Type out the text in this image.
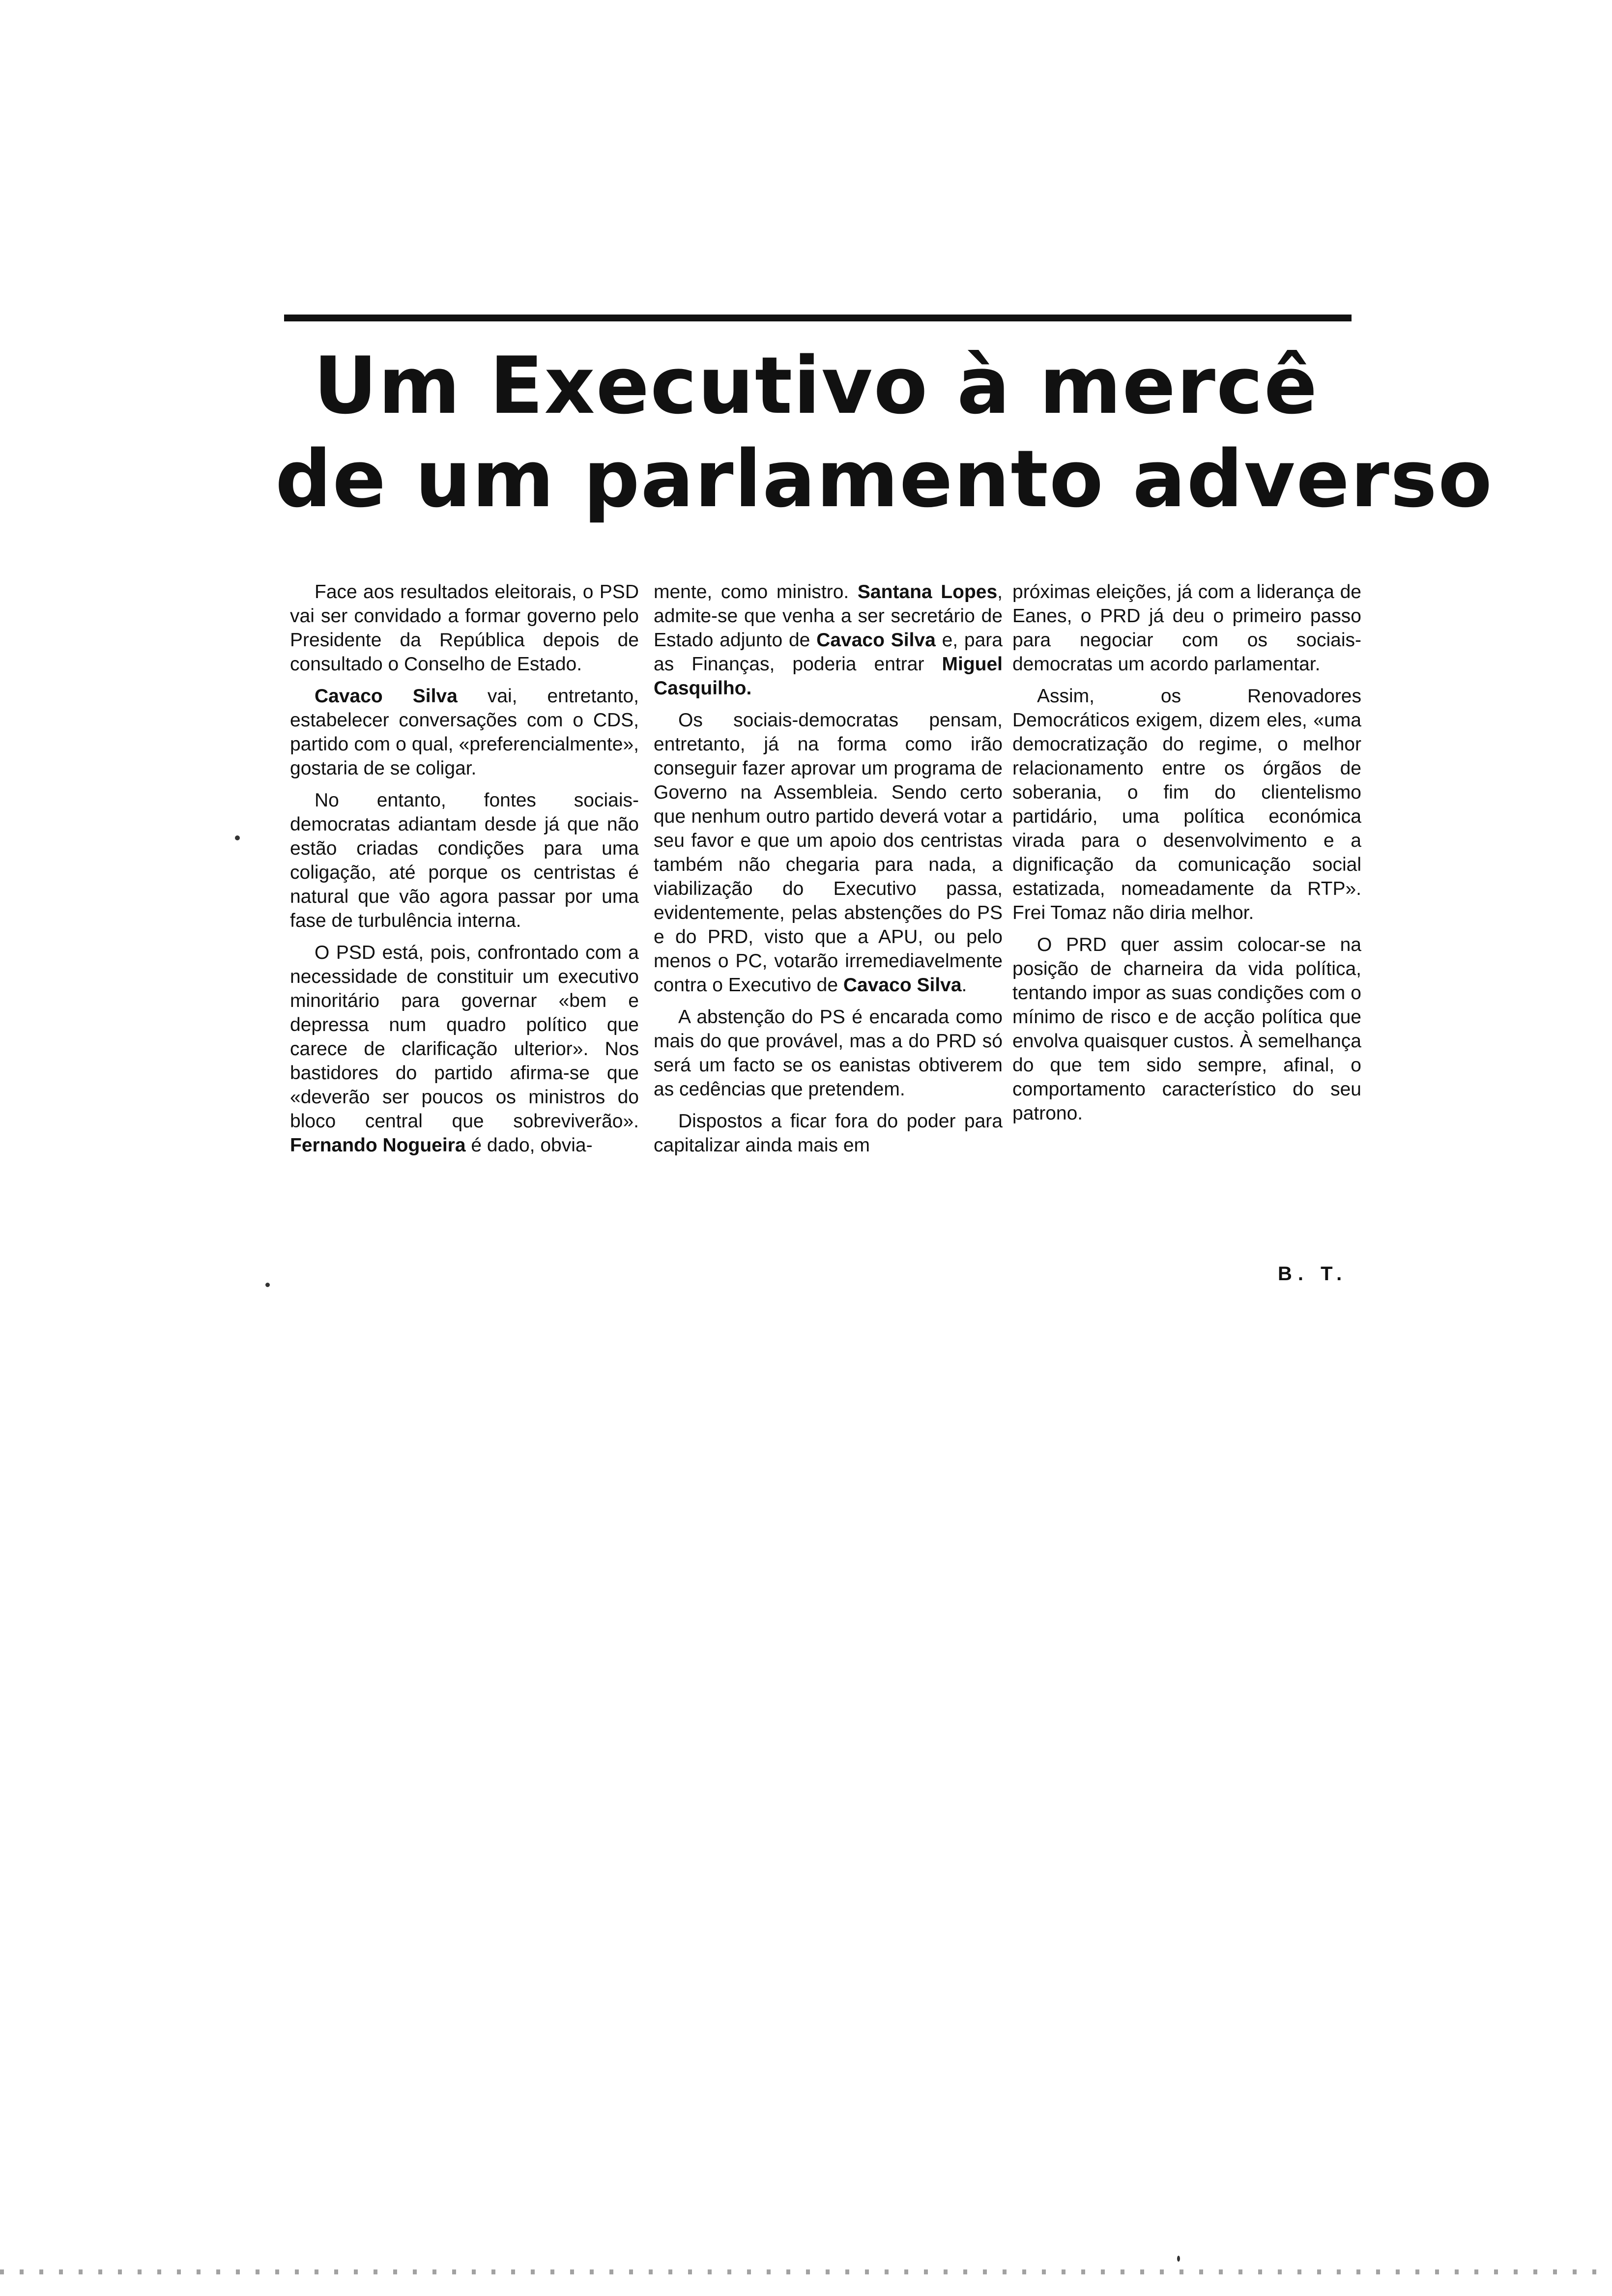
Um Executivo à mercê
de um parlamento adverso

Face aos resultados eleitorais, o PSD vai ser convidado a formar governo pelo Presidente da República depois de consultado o Conselho de Estado.

Cavaco Silva vai, entretanto, estabelecer conversações com o CDS, partido com o qual, «preferencialmente», gostaria de se coligar.

No entanto, fontes sociais-democratas adiantam desde já que não estão criadas condições para uma coligação, até porque os centristas é natural que vão agora passar por uma fase de turbulência interna.

O PSD está, pois, confrontado com a necessidade de constituir um executivo minoritário para governar «bem e depressa num quadro político que carece de clarificação ulterior». Nos bastidores do partido afirma-se que «deverão ser poucos os ministros do bloco central que sobreviverão». Fernando Nogueira é dado, obvia-

mente, como ministro. Santana Lopes, admite-se que venha a ser secretário de Estado adjunto de Cavaco Silva e, para as Finanças, poderia entrar Miguel Casquilho.

Os sociais-democratas pensam, entretanto, já na forma como irão conseguir fazer aprovar um programa de Governo na Assembleia. Sendo certo que nenhum outro partido deverá votar a seu favor e que um apoio dos centristas também não chegaria para nada, a viabilização do Executivo passa, evidentemente, pelas abstenções do PS e do PRD, visto que a APU, ou pelo menos o PC, votarão irremediavelmente contra o Executivo de Cavaco Silva.

A abstenção do PS é encarada como mais do que provável, mas a do PRD só será um facto se os eanistas obtiverem as cedências que pretendem.

Dispostos a ficar fora do poder para capitalizar ainda mais em

próximas eleições, já com a liderança de Eanes, o PRD já deu o primeiro passo para negociar com os sociais-democratas um acordo parlamentar.

Assim, os Renovadores Democráticos exigem, dizem eles, «uma democratização do regime, o melhor relacionamento entre os órgãos de soberania, o fim do clientelismo partidário, uma política económica virada para o desenvolvimento e a dignificação da comunicação social estatizada, nomeadamente da RTP». Frei Tomaz não diria melhor.

O PRD quer assim colocar-se na posição de charneira da vida política, tentando impor as suas condições com o mínimo de risco e de acção política que envolva quaisquer custos. À semelhança do que tem sido sempre, afinal, o comportamento característico do seu patrono.

B. T.
